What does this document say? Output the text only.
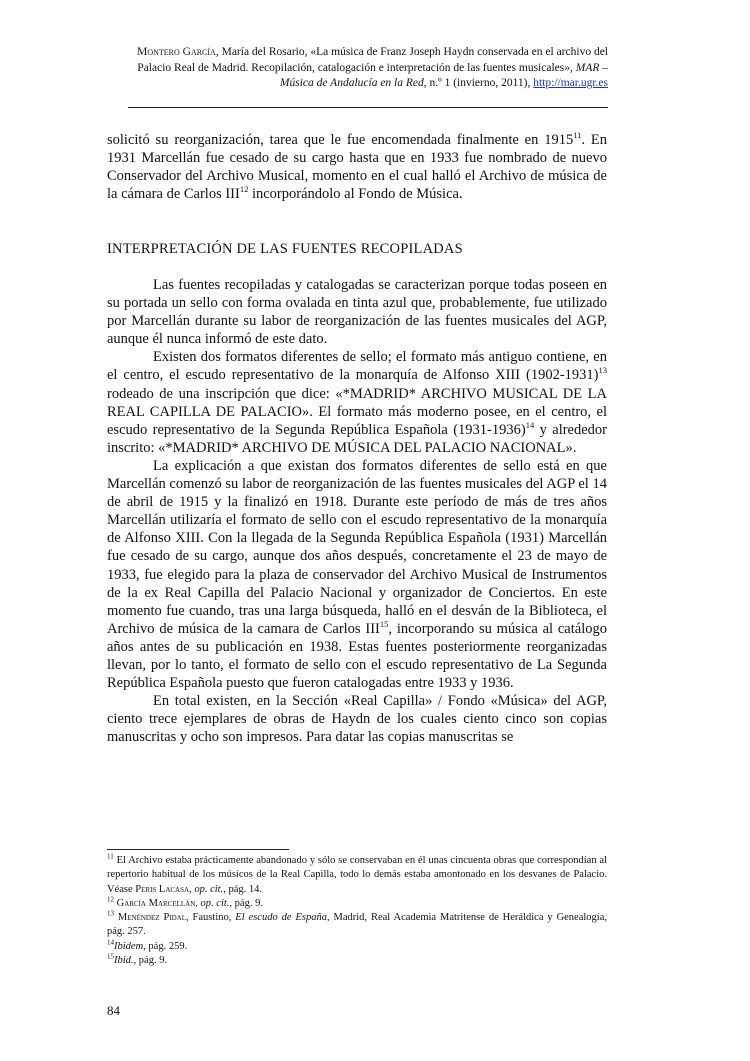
Montero García, María del Rosario, «La música de Franz Joseph Haydn conservada en el archivo del Palacio Real de Madrid. Recopilación, catalogación e interpretación de las fuentes musicales», MAR – Música de Andalucía en la Red, n.º 1 (invierno, 2011), http://mar.ugr.es

solicitó su reorganización, tarea que le fue encomendada finalmente en 1915$^{11}$. En 1931 Marcellán fue cesado de su cargo hasta que en 1933 fue nombrado de nuevo Conservador del Archivo Musical, momento en el cual halló el Archivo de música de la cámara de Carlos III$^{12}$ incorporándolo al Fondo de Música.

INTERPRETACIÓN DE LAS FUENTES RECOPILADAS

Las fuentes recopiladas y catalogadas se caracterizan porque todas poseen en su portada un sello con forma ovalada en tinta azul que, probablemente, fue utilizado por Marcellán durante su labor de reorganización de las fuentes musicales del AGP, aunque él nunca informó de este dato.

Existen dos formatos diferentes de sello; el formato más antiguo contiene, en el centro, el escudo representativo de la monarquía de Alfonso XIII (1902-1931)$^{13}$ rodeado de una inscripción que dice: «*MADRID* ARCHIVO MUSICAL DE LA REAL CAPILLA DE PALACIO». El formato más moderno posee, en el centro, el escudo representativo de la Segunda República Española (1931-1936)$^{14}$ y alrededor inscrito: «*MADRID* ARCHIVO DE MÚSICA DEL PALACIO NACIONAL».

La explicación a que existan dos formatos diferentes de sello está en que Marcellán comenzó su labor de reorganización de las fuentes musicales del AGP el 14 de abril de 1915 y la finalizó en 1918. Durante este período de más de tres años Marcellán utilizaría el formato de sello con el escudo representativo de la monarquía de Alfonso XIII. Con la llegada de la Segunda República Española (1931) Marcellán fue cesado de su cargo, aunque dos años después, concretamente el 23 de mayo de 1933, fue elegido para la plaza de conservador del Archivo Musical de Instrumentos de la ex Real Capilla del Palacio Nacional y organizador de Conciertos. En este momento fue cuando, tras una larga búsqueda, halló en el desván de la Biblioteca, el Archivo de música de la camara de Carlos III$^{15}$, incorporando su música al catálogo años antes de su publicación en 1938. Estas fuentes posteriormente reorganizadas llevan, por lo tanto, el formato de sello con el escudo representativo de La Segunda República Española puesto que fueron catalogadas entre 1933 y 1936.

En total existen, en la Sección «Real Capilla» / Fondo «Música» del AGP, ciento trece ejemplares de obras de Haydn de los cuales ciento cinco son copias manuscritas y ocho son impresos. Para datar las copias manuscritas se

$^{11}$ El Archivo estaba prácticamente abandonado y sólo se conservaban en él unas cincuenta obras que correspondían al repertorio habitual de los músicos de la Real Capilla, todo lo demás estaba amontonado en los desvanes de Palacio. Véase Peris Lacasa, op. cit., pág. 14.

$^{12}$ García Marcellán, op. cit., pág. 9.

$^{13}$ Menéndez Pidal, Faustino, El escudo de España, Madrid, Real Academia Matritense de Heráldica y Genealogía, pág. 257.

$^{14}$Ibidem, pág. 259.

$^{15}$Ibid., pág. 9.

84
